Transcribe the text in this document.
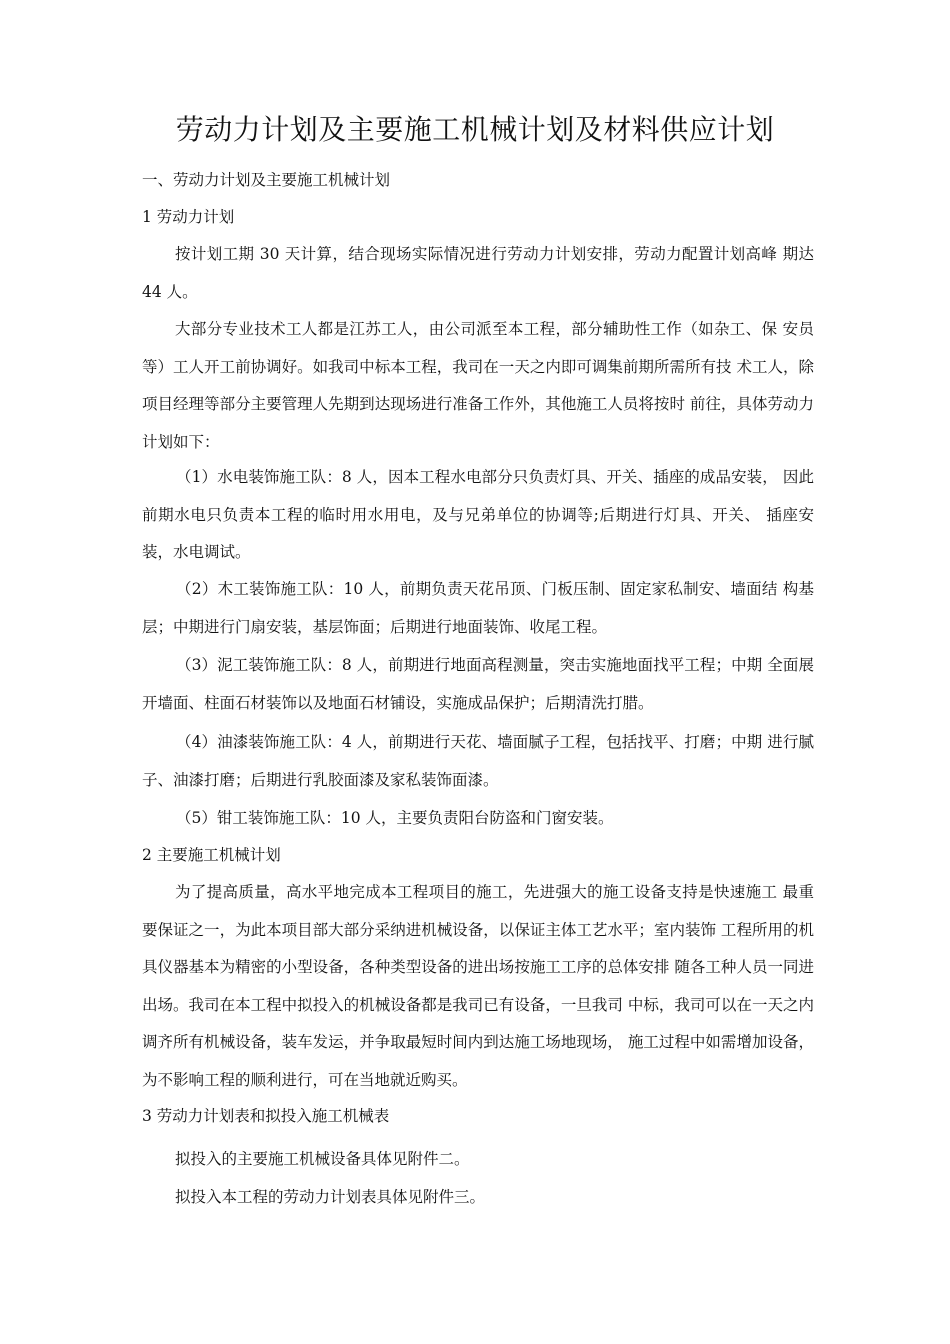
劳动力计划及主要施工机械计划及材料供应计划

一、劳动力计划及主要施工机械计划

1 劳动力计划

按计划工期 30 天计算，结合现场实际情况进行劳动力计划安排，劳动力配置计划高峰 期达 44 人。

大部分专业技术工人都是江苏工人，由公司派至本工程，部分辅助性工作（如杂工、保 安员等）工人开工前协调好。如我司中标本工程，我司在一天之内即可调集前期所需所有技 术工人，除项目经理等部分主要管理人先期到达现场进行准备工作外，其他施工人员将按时 前往，具体劳动力计划如下：

（1）水电装饰施工队：8 人，因本工程水电部分只负责灯具、开关、插座的成品安装， 因此前期水电只负责本工程的临时用水用电，及与兄弟单位的协调等;后期进行灯具、开关、 插座安装，水电调试。

（2）木工装饰施工队：10 人，前期负责天花吊顶、门板压制、固定家私制安、墙面结 构基层；中期进行门扇安装，基层饰面；后期进行地面装饰、收尾工程。

（3）泥工装饰施工队：8 人，前期进行地面高程测量，突击实施地面找平工程；中期 全面展开墙面、柱面石材装饰以及地面石材铺设，实施成品保护；后期清洗打腊。

（4）油漆装饰施工队：4 人，前期进行天花、墙面腻子工程，包括找平、打磨；中期 进行腻子、油漆打磨；后期进行乳胶面漆及家私装饰面漆。

（5）钳工装饰施工队：10 人，主要负责阳台防盗和门窗安装。

2 主要施工机械计划

为了提高质量，高水平地完成本工程项目的施工，先进强大的施工设备支持是快速施工 最重要保证之一，为此本项目部大部分采纳进机械设备，以保证主体工艺水平；室内装饰 工程所用的机具仪器基本为精密的小型设备，各种类型设备的进出场按施工工序的总体安排 随各工种人员一同进出场。我司在本工程中拟投入的机械设备都是我司已有设备，一旦我司 中标，我司可以在一天之内调齐所有机械设备，装车发运，并争取最短时间内到达施工场地现场， 施工过程中如需增加设备，为不影响工程的顺利进行，可在当地就近购买。

3 劳动力计划表和拟投入施工机械表

拟投入的主要施工机械设备具体见附件二。

拟投入本工程的劳动力计划表具体见附件三。
